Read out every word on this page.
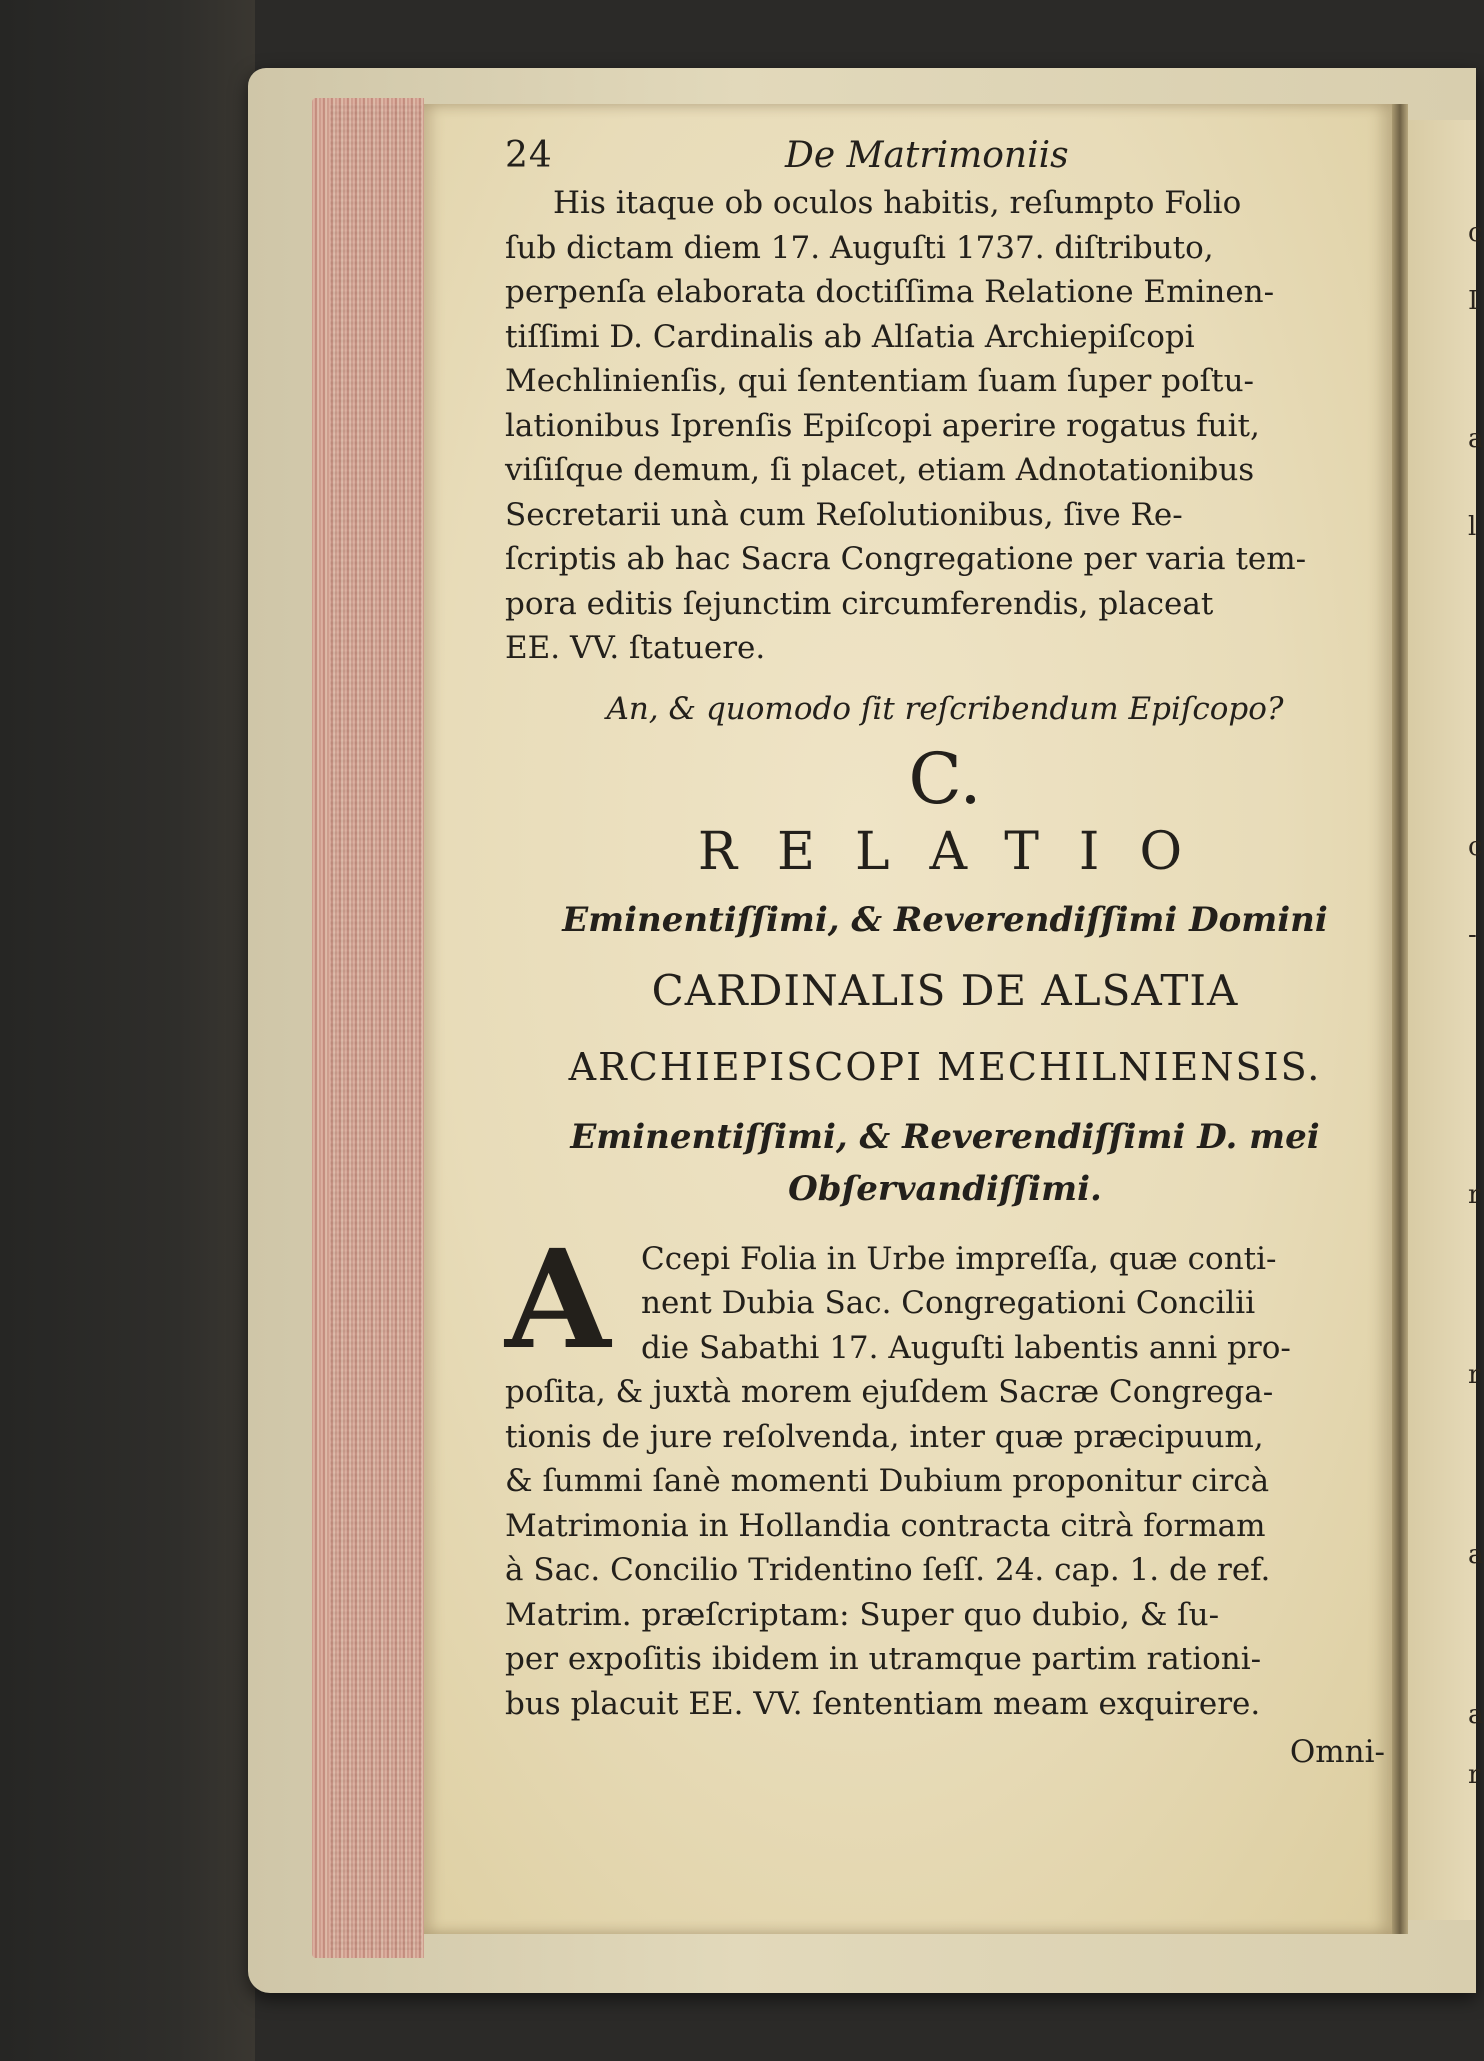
c
I
a
l
c
-
r
r
a
a
r
24	De Matrimoniis

His itaque ob oculos habitis, reſumpto Folio
ſub dictam diem 17. Auguſti 1737. diſtributo,
perpenſa elaborata doctiſſima Relatione Eminen-
tiſſimi D. Cardinalis ab Alſatia Archiepiſcopi
Mechlinienſis, qui ſententiam ſuam ſuper poſtu-
lationibus Iprenſis Epiſcopi aperire rogatus fuit,
viſiſque demum, ſi placet, etiam Adnotationibus
Secretarii unà cum Reſolutionibus, ſive Re-
ſcriptis ab hac Sacra Congregatione per varia tem-
pora editis ſejunctim circumferendis, placeat
EE. VV. ſtatuere.

An, & quomodo ſit reſcribendum Epiſcopo?
C.
RELATIO
Eminentiſſimi, & Reverendiſſimi Domini
CARDINALIS DE ALSATIA
ARCHIEPISCOPI MECHILNIENSIS.
Eminentiſſimi, & Reverendiſſimi D. mei
Obſervandiſſimi.
A Ccepi Folia in Urbe impreſſa, quæ conti-
nent Dubia Sac. Congregationi Concilii
die Sabathi 17. Auguſti labentis anni pro-

poſita, & juxtà morem ejuſdem Sacræ Congrega-
tionis de jure reſolvenda, inter quæ præcipuum,
& ſummi ſanè momenti Dubium proponitur circà
Matrimonia in Hollandia contracta citrà formam
à Sac. Concilio Tridentino ſeſſ. 24. cap. 1. de ref.
Matrim. præſcriptam: Super quo dubio, & ſu-
per expoſitis ibidem in utramque partim rationi-
bus placuit EE. VV. ſententiam meam exquirere.

Omni-
